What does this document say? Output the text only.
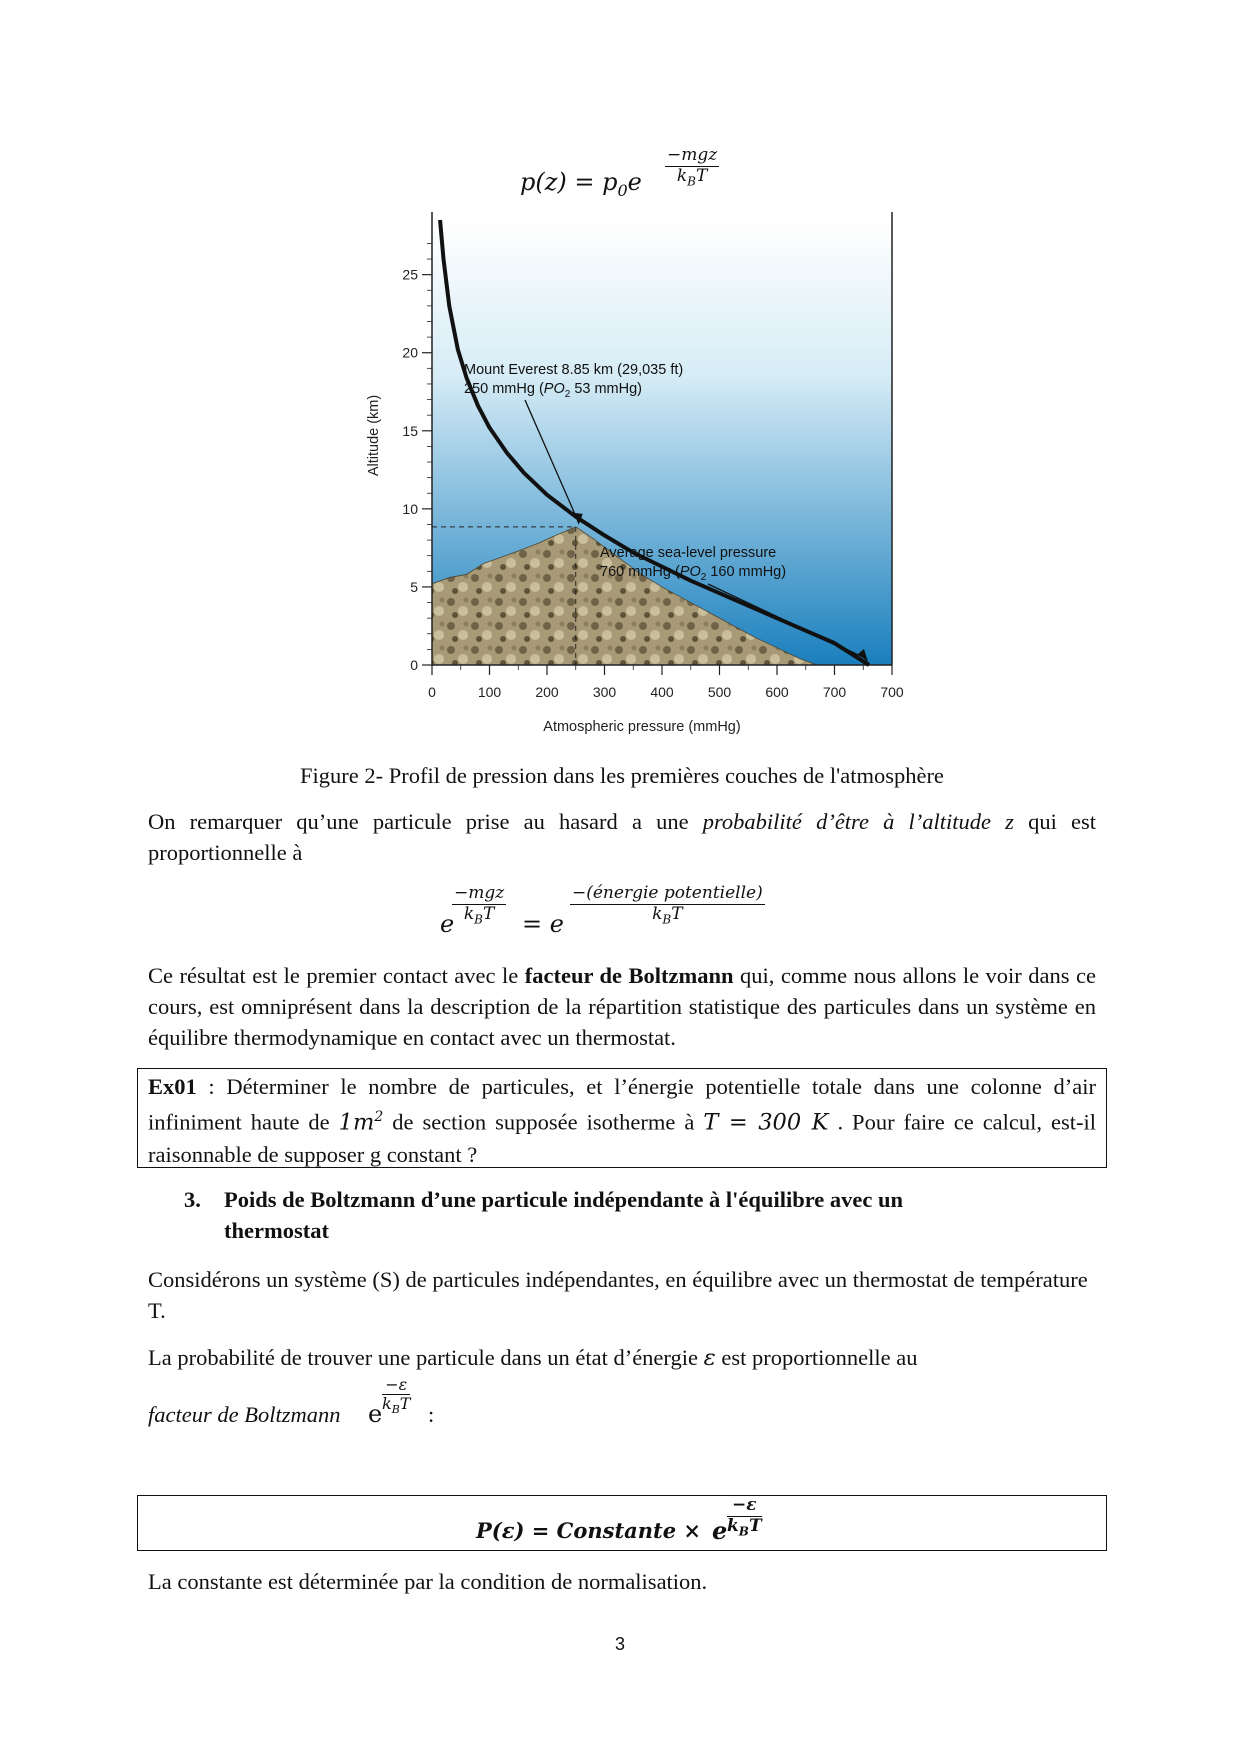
$p(z) = p_0e$
−mgz
$k_BT$
0
5
10
15
20
25
0	100 200 300 400 500 600 700 700
Atmospheric pressure (mmHg)
Altitude (km)
Mount Everest 8.85 km (29,035 ft)
250 mmHg ($PO_2$ 53 mmHg)
Average sea-level pressure
760 mmHg ($PO_2$ 160 mmHg)
Figure 2- Profil de pression dans les premières couches de l'atmosphère
On remarquer qu’une particule prise au hasard a une probabilité d’être à l’altitude z qui est proportionnelle à
e
−mgz
$k_BT$	= e
−(énergie potentielle)
$k_BT$
Ce résultat est le premier contact avec le facteur de Boltzmann qui, comme nous allons le voir dans ce cours, est omniprésent dans la description de la répartition statistique des particules dans un système en équilibre thermodynamique en contact avec un thermostat.
Ex01 : Déterminer le nombre de particules, et l’énergie potentielle totale dans une colonne d’air infiniment haute de $1m^2$ de section supposée isotherme à T = 300 K . Pour faire ce calcul, est-il raisonnable de supposer g constant ?
3. Poids de Boltzmann d’une particule indépendante à l'équilibre avec un
thermostat
Considérons un système (S) de particules indépendantes, en équilibre avec un thermostat de température T.
La probabilité de trouver une particule dans un état d’énergie ε est proportionnelle au
facteur de Boltzmann e
−ε
$k_BT$ :
P(ε) = Constante × e
−ε
$k_BT$
La constante est déterminée par la condition de normalisation.
3
